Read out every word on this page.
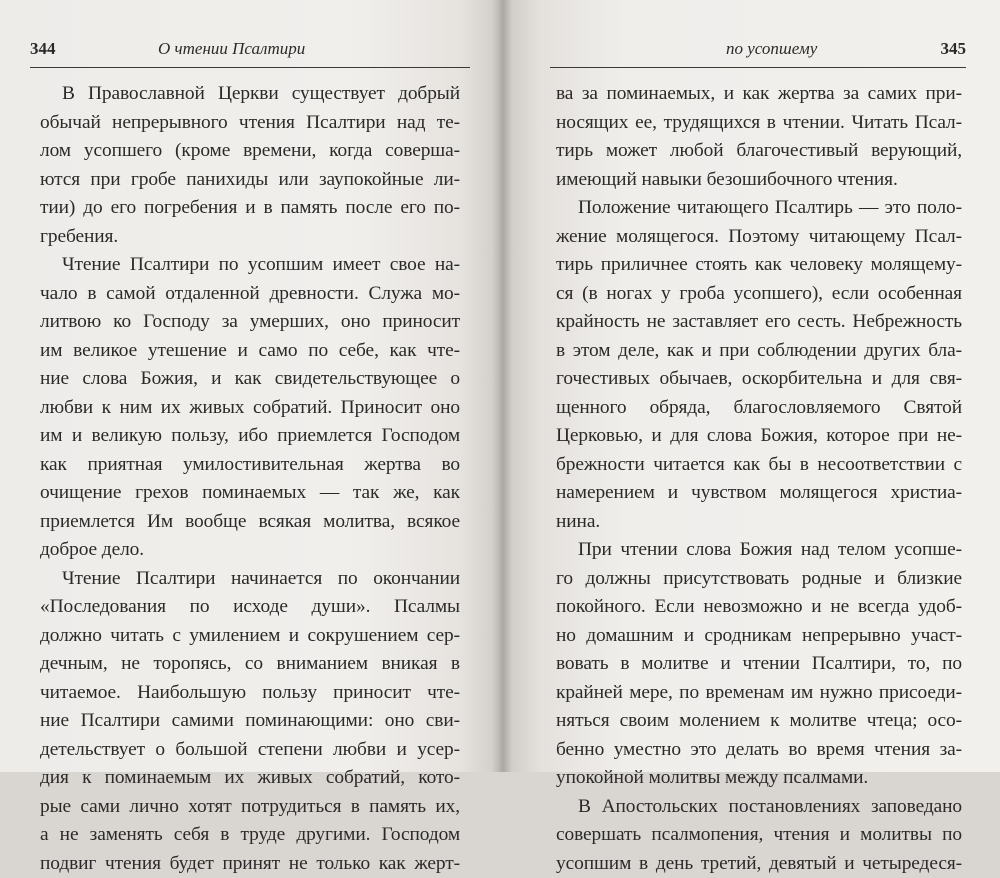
344	О чтении Псалтири
В Православной Церкви существует добрый
обычай непрерывного чтения Псалтири над те-
лом усопшего (кроме времени, когда соверша-
ются при гробе панихиды или заупокойные ли-
тии) до его погребения и в память после его по-
гребения.
Чтение Псалтири по усопшим имеет свое на-
чало в самой отдаленной древности. Служа мо-
литвою ко Господу за умерших, оно приносит
им великое утешение и само по себе, как чте-
ние слова Божия, и как свидетельствующее о
любви к ним их живых собратий. Приносит оно
им и великую пользу, ибо приемлется Господом
как приятная умилостивительная жертва во
очищение грехов поминаемых — так же, как
приемлется Им вообще всякая молитва, всякое
доброе дело.
Чтение Псалтири начинается по окончании
«Последования по исходе души». Псалмы
должно читать с умилением и сокрушением сер-
дечным, не торопясь, со вниманием вникая в
читаемое. Наибольшую пользу приносит чте-
ние Псалтири самими поминающими: оно сви-
детельствует о большой степени любви и усер-
дия к поминаемым их живых собратий, кото-
рые сами лично хотят потрудиться в память их,
а не заменять себя в труде другими. Господом
подвиг чтения будет принят не только как жерт-
по усопшему	345
ва за поминаемых, и как жертва за самих при-
носящих ее, трудящихся в чтении. Читать Псал-
тирь может любой благочестивый верующий,
имеющий навыки безошибочного чтения.
Положение читающего Псалтирь — это поло-
жение молящегося. Поэтому читающему Псал-
тирь приличнее стоять как человеку молящему-
ся (в ногах у гроба усопшего), если особенная
крайность не заставляет его сесть. Небрежность
в этом деле, как и при соблюдении других бла-
гочестивых обычаев, оскорбительна и для свя-
щенного обряда, благословляемого Святой
Церковью, и для слова Божия, которое при не-
брежности читается как бы в несоответствии с
намерением и чувством молящегося христиа-
нина.
При чтении слова Божия над телом усопше-
го должны присутствовать родные и близкие
покойного. Если невозможно и не всегда удоб-
но домашним и сродникам непрерывно участ-
вовать в молитве и чтении Псалтири, то, по
крайней мере, по временам им нужно присоеди-
няться своим молением к молитве чтеца; осо-
бенно уместно это делать во время чтения за-
упокойной молитвы между псалмами.
В Апостольских постановлениях заповедано
совершать псалмопения, чтения и молитвы по
усопшим в день третий, девятый и четыредеся-
